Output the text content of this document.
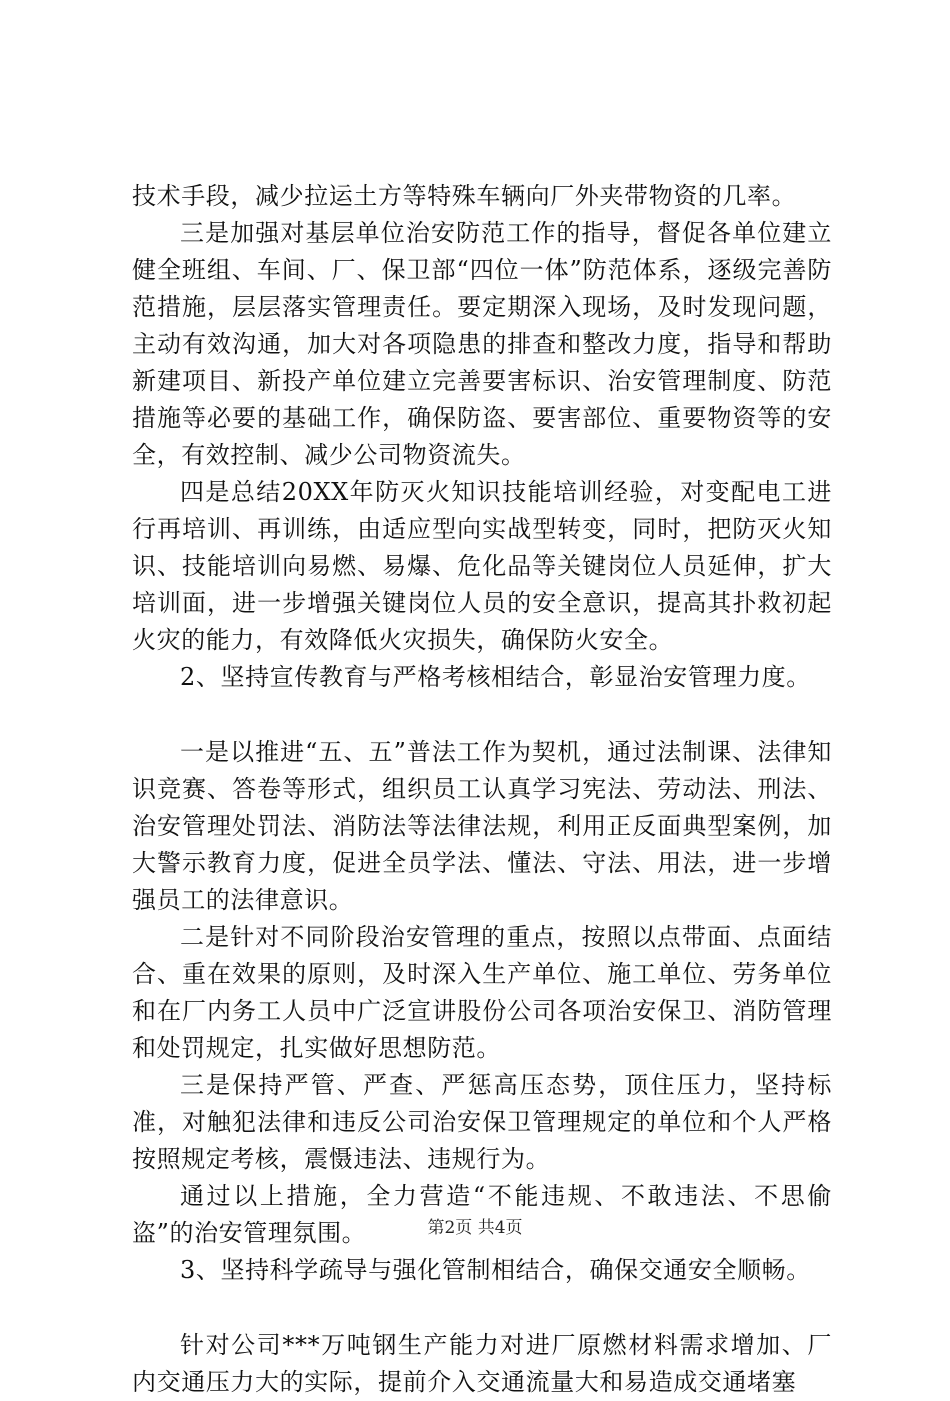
技术手段，减少拉运土方等特殊车辆向厂外夹带物资的几率。

三是加强对基层单位治安防范工作的指导，督促各单位建立健全班组、车间、厂、保卫部“四位一体”防范体系，逐级完善防范措施，层层落实管理责任。要定期深入现场，及时发现问题，主动有效沟通，加大对各项隐患的排查和整改力度，指导和帮助新建项目、新投产单位建立完善要害标识、治安管理制度、防范措施等必要的基础工作，确保防盗、要害部位、重要物资等的安全，有效控制、减少公司物资流失。

四是总结20XX年防灭火知识技能培训经验，对变配电工进行再培训、再训练，由适应型向实战型转变，同时，把防灭火知识、技能培训向易燃、易爆、危化品等关键岗位人员延伸，扩大培训面，进一步增强关键岗位人员的安全意识，提高其扑救初起火灾的能力，有效降低火灾损失，确保防火安全。

2、坚持宣传教育与严格考核相结合，彰显治安管理力度。

一是以推进“五、五”普法工作为契机，通过法制课、法律知识竞赛、答卷等形式，组织员工认真学习宪法、劳动法、刑法、治安管理处罚法、消防法等法律法规，利用正反面典型案例，加大警示教育力度，促进全员学法、懂法、守法、用法，进一步增强员工的法律意识。

二是针对不同阶段治安管理的重点，按照以点带面、点面结合、重在效果的原则，及时深入生产单位、施工单位、劳务单位和在厂内务工人员中广泛宣讲股份公司各项治安保卫、消防管理和处罚规定，扎实做好思想防范。

三是保持严管、严查、严惩高压态势，顶住压力，坚持标准，对触犯法律和违反公司治安保卫管理规定的单位和个人严格按照规定考核，震慑违法、违规行为。

通过以上措施，全力营造“不能违规、不敢违法、不思偷盗”的治安管理氛围。

3、坚持科学疏导与强化管制相结合，确保交通安全顺畅。

针对公司***万吨钢生产能力对进厂原燃材料需求增加、厂内交通压力大的实际，提前介入交通流量大和易造成交通堵塞

第2页 共4页
